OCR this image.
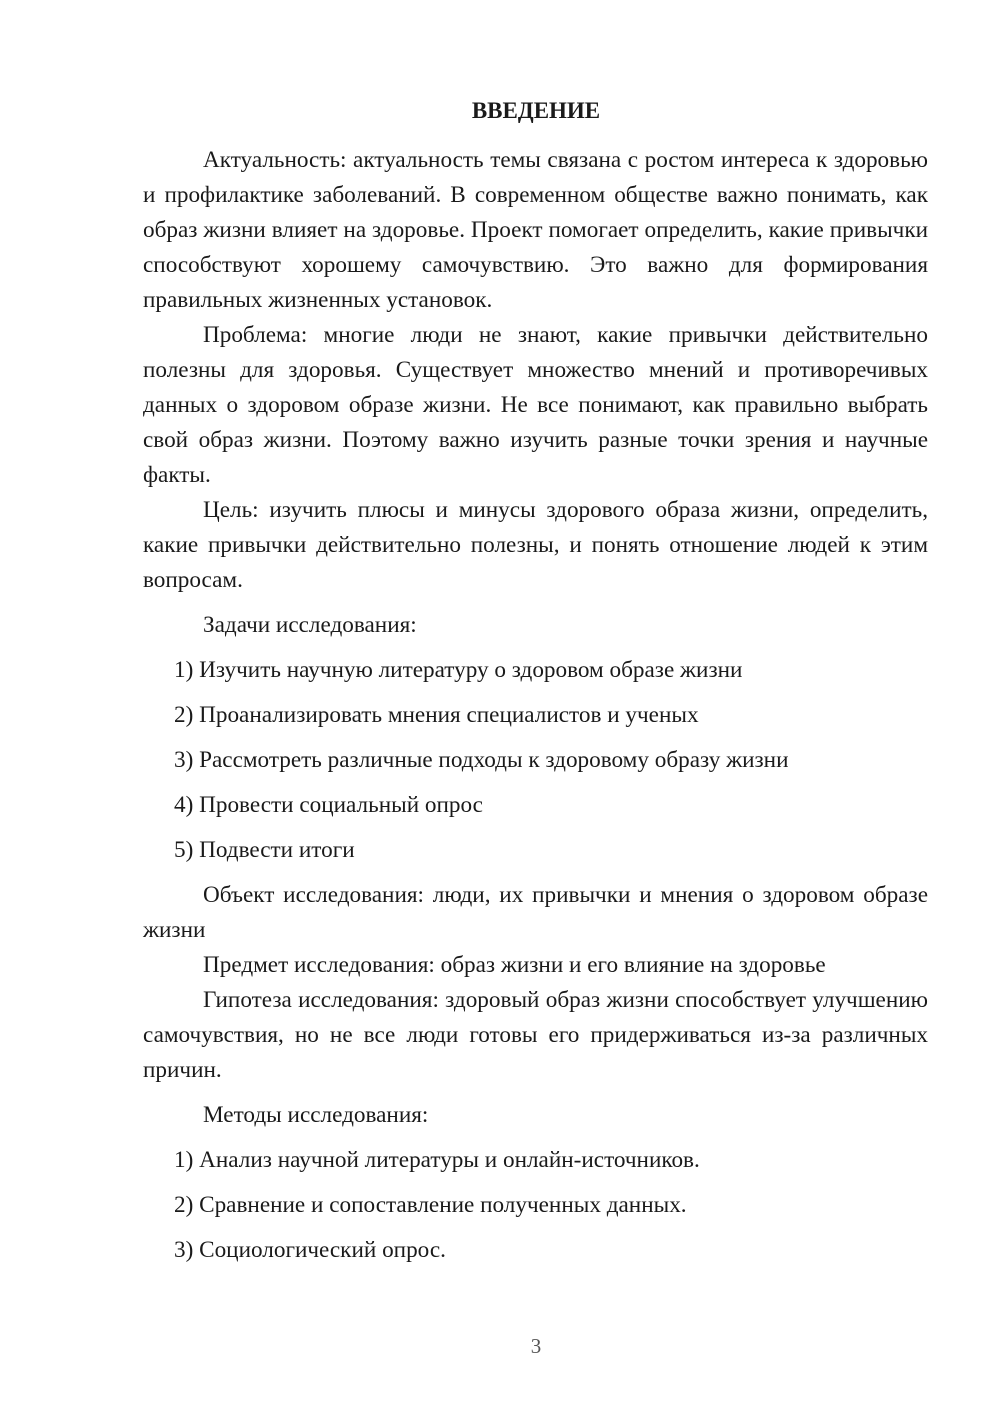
ВВЕДЕНИЕ

Актуальность: актуальность темы связана с ростом интереса к здоровью и профилактике заболеваний. В современном обществе важно понимать, как образ жизни влияет на здоровье. Проект помогает определить, какие привычки способствуют хорошему самочувствию. Это важно для формирования правильных жизненных установок.

Проблема: многие люди не знают, какие привычки действительно полезны для здоровья. Существует множество мнений и противоречивых данных о здоровом образе жизни. Не все понимают, как правильно выбрать свой образ жизни. Поэтому важно изучить разные точки зрения и научные факты.

Цель: изучить плюсы и минусы здорового образа жизни, определить, какие привычки действительно полезны, и понять отношение людей к этим вопросам.

Задачи исследования:

1) Изучить научную литературу о здоровом образе жизни

2) Проанализировать мнения специалистов и ученых

3) Рассмотреть различные подходы к здоровому образу жизни

4) Провести социальный опрос

5) Подвести итоги

Объект исследования: люди, их привычки и мнения о здоровом образе жизни

Предмет исследования: образ жизни и его влияние на здоровье

Гипотеза исследования: здоровый образ жизни способствует улучшению самочувствия, но не все люди готовы его придерживаться из-за различных причин.

Методы исследования:

1) Анализ научной литературы и онлайн-источников.

2) Сравнение и сопоставление полученных данных.

3) Социологический опрос.

3
